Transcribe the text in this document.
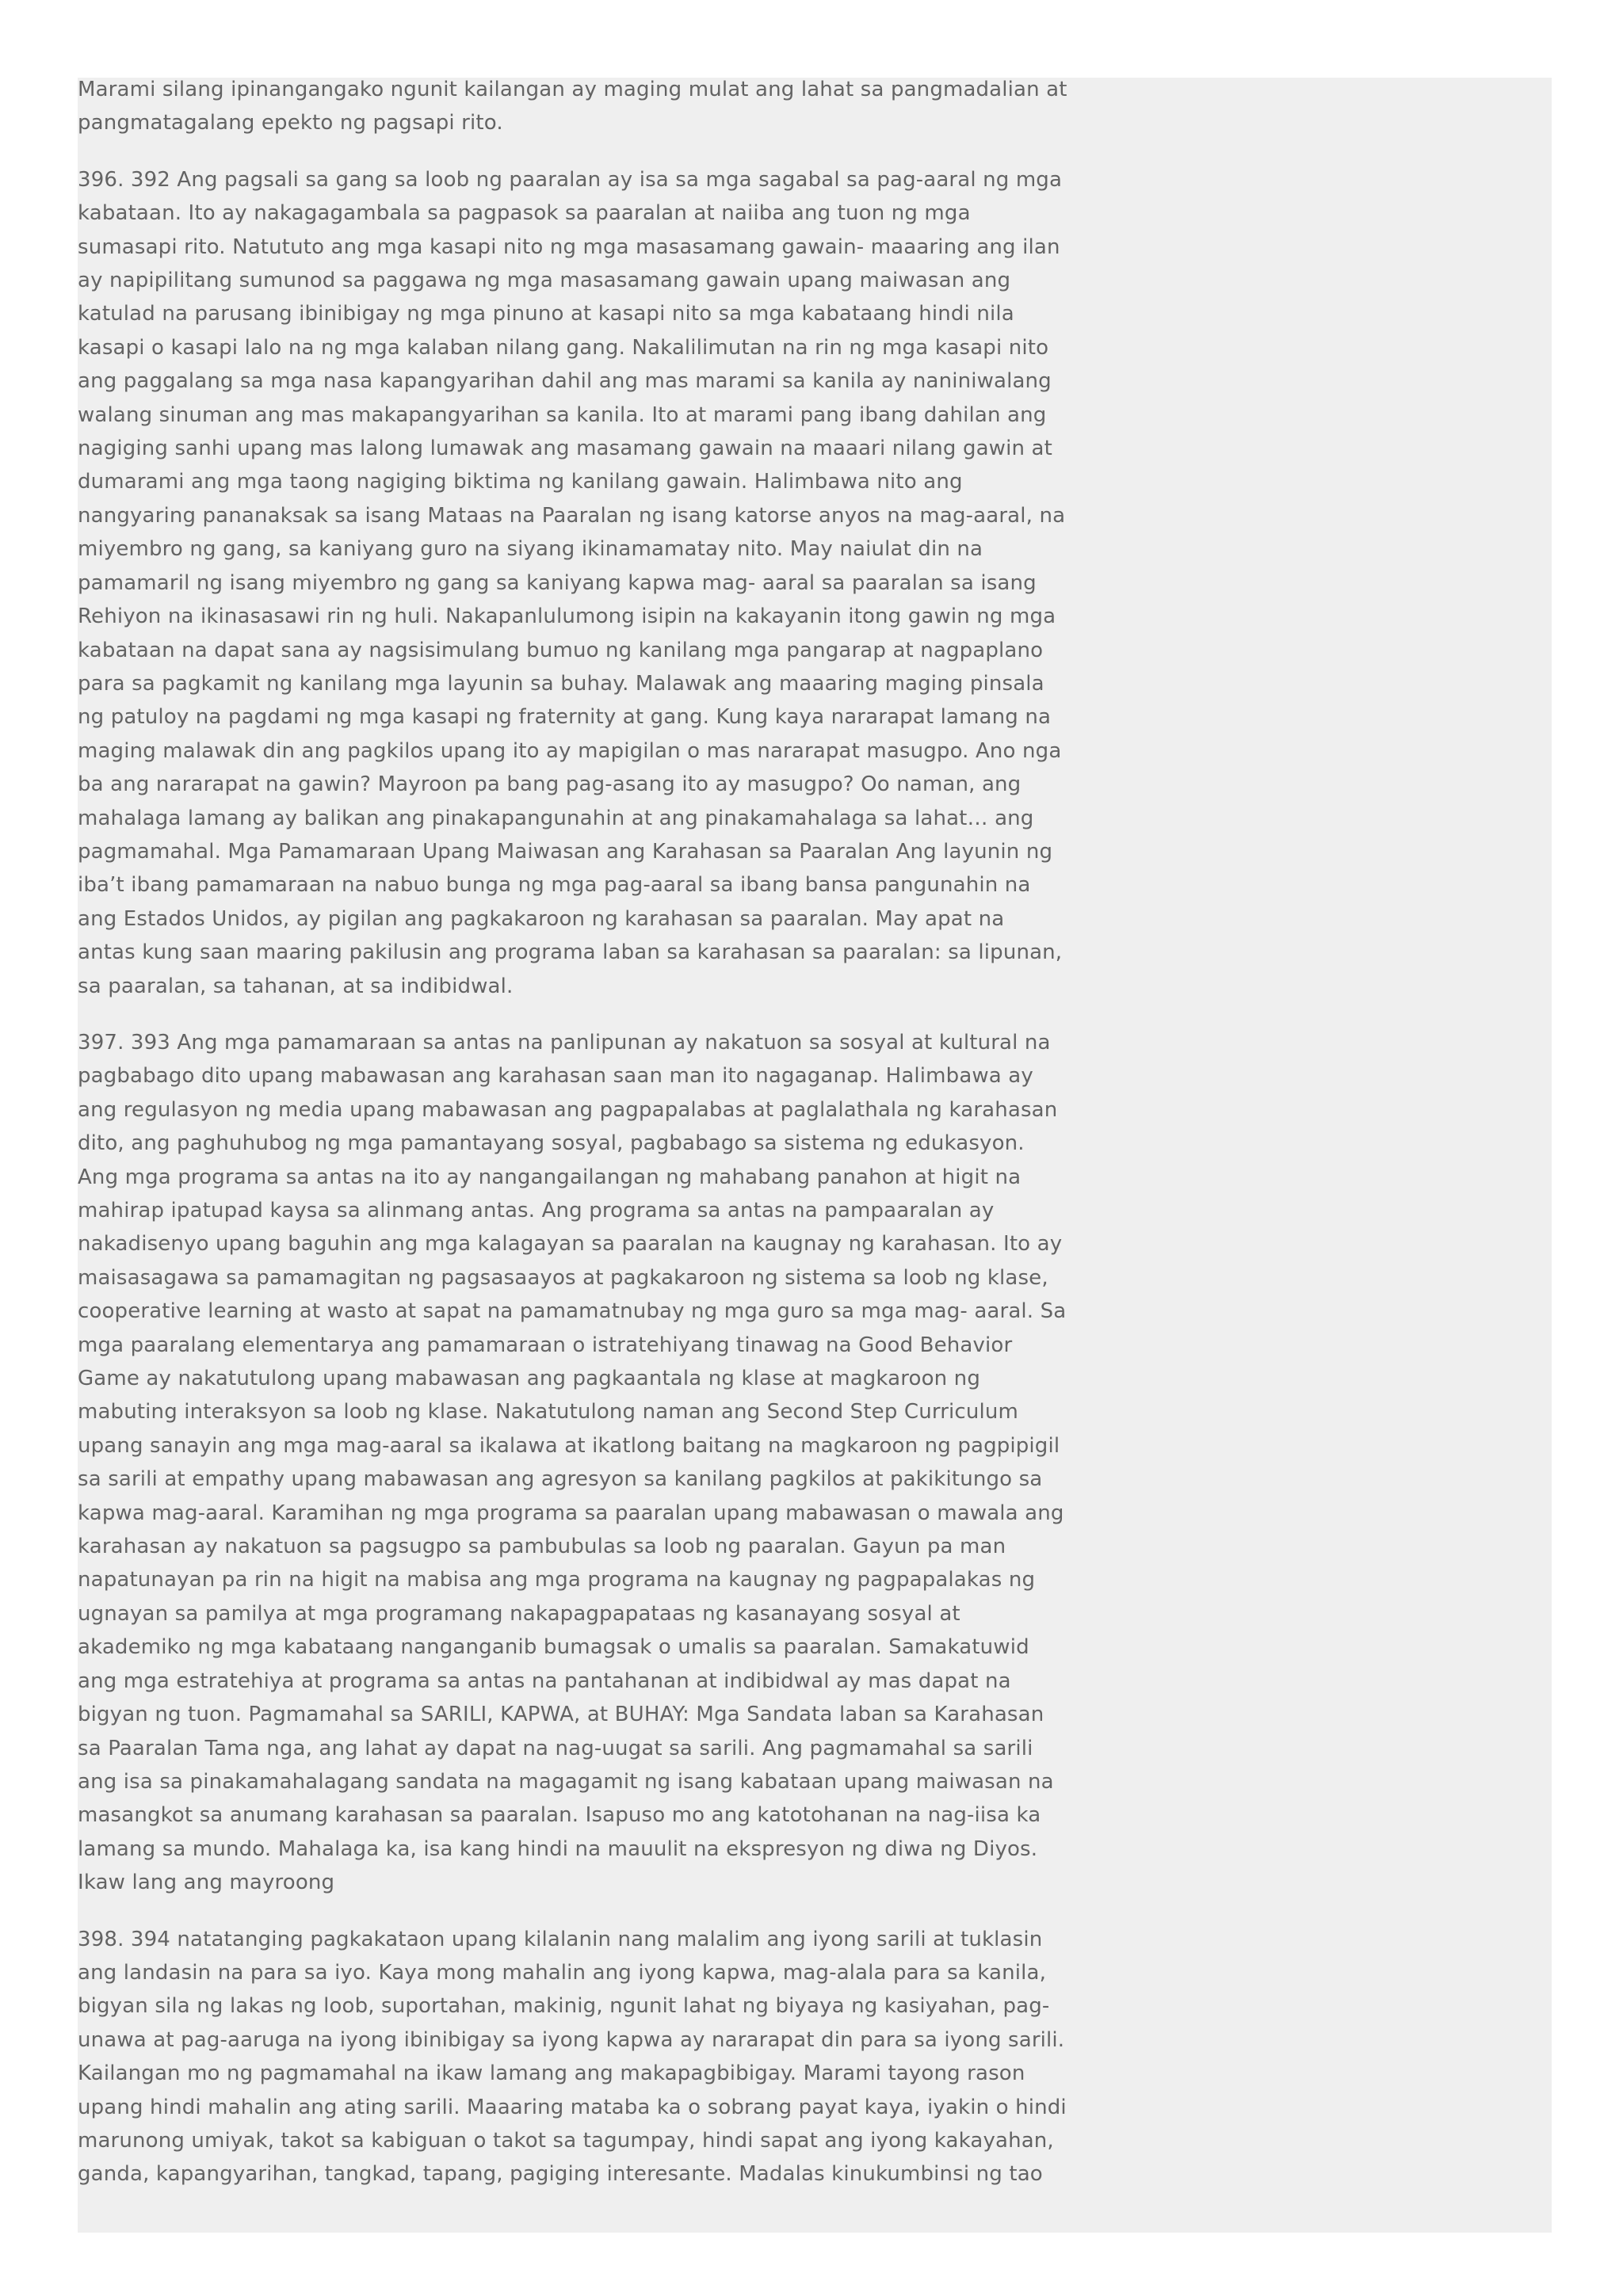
Marami silang ipinangangako ngunit kailangan ay maging mulat ang lahat sa pangmadalian at pangmatagalang epekto ng pagsapi rito.

396. 392 Ang pagsali sa gang sa loob ng paaralan ay isa sa mga sagabal sa pag-aaral ng mga kabataan. Ito ay nakagagambala sa pagpasok sa paaralan at naiiba ang tuon ng mga sumasapi rito. Natututo ang mga kasapi nito ng mga masasamang gawain- maaaring ang ilan ay napipilitang sumunod sa paggawa ng mga masasamang gawain upang maiwasan ang katulad na parusang ibinibigay ng mga pinuno at kasapi nito sa mga kabataang hindi nila kasapi o kasapi lalo na ng mga kalaban nilang gang. Nakalilimutan na rin ng mga kasapi nito ang paggalang sa mga nasa kapangyarihan dahil ang mas marami sa kanila ay naniniwalang walang sinuman ang mas makapangyarihan sa kanila. Ito at marami pang ibang dahilan ang nagiging sanhi upang mas lalong lumawak ang masamang gawain na maaari nilang gawin at dumarami ang mga taong nagiging biktima ng kanilang gawain. Halimbawa nito ang nangyaring pananaksak sa isang Mataas na Paaralan ng isang katorse anyos na mag-aaral, na miyembro ng gang, sa kaniyang guro na siyang ikinamamatay nito. May naiulat din na pamamaril ng isang miyembro ng gang sa kaniyang kapwa mag- aaral sa paaralan sa isang Rehiyon na ikinasasawi rin ng huli. Nakapanlulumong isipin na kakayanin itong gawin ng mga kabataan na dapat sana ay nagsisimulang bumuo ng kanilang mga pangarap at nagpaplano para sa pagkamit ng kanilang mga layunin sa buhay. Malawak ang maaaring maging pinsala ng patuloy na pagdami ng mga kasapi ng fraternity at gang. Kung kaya nararapat lamang na maging malawak din ang pagkilos upang ito ay mapigilan o mas nararapat masugpo. Ano nga ba ang nararapat na gawin? Mayroon pa bang pag-asang ito ay masugpo? Oo naman, ang mahalaga lamang ay balikan ang pinakapangunahin at ang pinakamahalaga sa lahat… ang pagmamahal. Mga Pamamaraan Upang Maiwasan ang Karahasan sa Paaralan Ang layunin ng iba’t ibang pamamaraan na nabuo bunga ng mga pag-aaral sa ibang bansa pangunahin na ang Estados Unidos, ay pigilan ang pagkakaroon ng karahasan sa paaralan. May apat na antas kung saan maaring pakilusin ang programa laban sa karahasan sa paaralan: sa lipunan, sa paaralan, sa tahanan, at sa indibidwal.

397. 393 Ang mga pamamaraan sa antas na panlipunan ay nakatuon sa sosyal at kultural na pagbabago dito upang mabawasan ang karahasan saan man ito nagaganap. Halimbawa ay ang regulasyon ng media upang mabawasan ang pagpapalabas at paglalathala ng karahasan dito, ang paghuhubog ng mga pamantayang sosyal, pagbabago sa sistema ng edukasyon. Ang mga programa sa antas na ito ay nangangailangan ng mahabang panahon at higit na mahirap ipatupad kaysa sa alinmang antas. Ang programa sa antas na pampaaralan ay nakadisenyo upang baguhin ang mga kalagayan sa paaralan na kaugnay ng karahasan. Ito ay maisasagawa sa pamamagitan ng pagsasaayos at pagkakaroon ng sistema sa loob ng klase, cooperative learning at wasto at sapat na pamamatnubay ng mga guro sa mga mag- aaral. Sa mga paaralang elementarya ang pamamaraan o istratehiyang tinawag na Good Behavior Game ay nakatutulong upang mabawasan ang pagkaantala ng klase at magkaroon ng mabuting interaksyon sa loob ng klase. Nakatutulong naman ang Second Step Curriculum upang sanayin ang mga mag-aaral sa ikalawa at ikatlong baitang na magkaroon ng pagpipigil sa sarili at empathy upang mabawasan ang agresyon sa kanilang pagkilos at pakikitungo sa kapwa mag-aaral. Karamihan ng mga programa sa paaralan upang mabawasan o mawala ang karahasan ay nakatuon sa pagsugpo sa pambubulas sa loob ng paaralan. Gayun pa man napatunayan pa rin na higit na mabisa ang mga programa na kaugnay ng pagpapalakas ng ugnayan sa pamilya at mga programang nakapagpapataas ng kasanayang sosyal at akademiko ng mga kabataang nanganganib bumagsak o umalis sa paaralan. Samakatuwid ang mga estratehiya at programa sa antas na pantahanan at indibidwal ay mas dapat na bigyan ng tuon. Pagmamahal sa SARILI, KAPWA, at BUHAY: Mga Sandata laban sa Karahasan sa Paaralan Tama nga, ang lahat ay dapat na nag-uugat sa sarili. Ang pagmamahal sa sarili ang isa sa pinakamahalagang sandata na magagamit ng isang kabataan upang maiwasan na masangkot sa anumang karahasan sa paaralan. Isapuso mo ang katotohanan na nag-iisa ka lamang sa mundo. Mahalaga ka, isa kang hindi na mauulit na ekspresyon ng diwa ng Diyos. Ikaw lang ang mayroong

398. 394 natatanging pagkakataon upang kilalanin nang malalim ang iyong sarili at tuklasin ang landasin na para sa iyo. Kaya mong mahalin ang iyong kapwa, mag-alala para sa kanila, bigyan sila ng lakas ng loob, suportahan, makinig, ngunit lahat ng biyaya ng kasiyahan, pag-unawa at pag-aaruga na iyong ibinibigay sa iyong kapwa ay nararapat din para sa iyong sarili. Kailangan mo ng pagmamahal na ikaw lamang ang makapagbibigay. Marami tayong rason upang hindi mahalin ang ating sarili. Maaaring mataba ka o sobrang payat kaya, iyakin o hindi marunong umiyak, takot sa kabiguan o takot sa tagumpay, hindi sapat ang iyong kakayahan, ganda, kapangyarihan, tangkad, tapang, pagiging interesante. Madalas kinukumbinsi ng tao
